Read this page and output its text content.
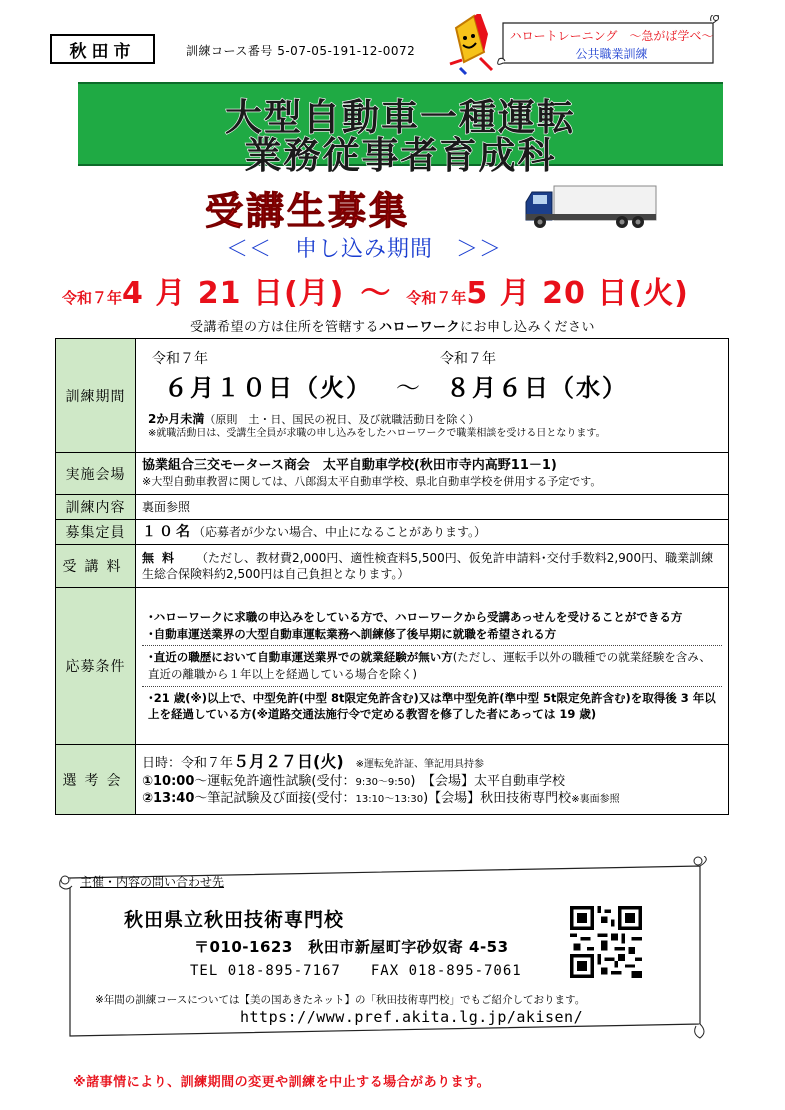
秋田市	訓練コース番号 5-07-05-191-12-0072
ハロートレーニング　～急がば学べ～
公共職業訓練
大型自動車一種運転
業務従事者育成科
受講生募集
＜＜　申し込み期間　＞＞
令和７年4 月 21 日(月) ～ 令和７年5 月 20 日(火)
受講希望の方は住所を管轄するハローワークにお申し込みください
訓練期間	令和７年 令和７年
６月１０日（火） ～ ８月６日（水）
2か月未満（原則　土・日、国民の祝日、及び就職活動日を除く）
※就職活動日は、受講生全員が求職の申し込みをしたハローワークで職業相談を受ける日となります。

実施会場	協業組合三交モータース商会　太平自動車学校(秋田市寺内高野11－1)
※大型自動車教習に関しては、八郎潟太平自動車学校、県北自動車学校を併用する予定です。

訓練内容	裏面参照
募集定員	１０名（応募者が少ない場合、中止になることがあります。）
受講料	無料 （ただし、教材費2,000円、適性検査料5,500円、仮免許申請料･交付手数料2,900円、職業訓練生総合保険料約2,500円は自己負担となります。）

応募条件	･ハローワークに求職の申込みをしている方で、ハローワークから受講あっせんを受けることができる方
･自動車運送業界の大型自動車運転業務へ訓練修了後早期に就職を希望される方
･直近の職歴において自動車運送業界での就業経験が無い方(ただし、運転手以外の職種での就業経験を含み、直近の離職から１年以上を経過している場合を除く)
･21 歳(※)以上で、中型免許(中型 8t限定免許含む)又は準中型免許(準中型 5t限定免許含む)を取得後 3 年以上を経過している方(※道路交通法施行令で定める教習を修了した者にあっては 19 歳)

選考会	日時：令和７年５月２７日(火) ※運転免許証、筆記用具持参
①10:00～運転免許適性試験(受付：9:30～9:50)　【会場】太平自動車学校
②13:40～筆記試験及び面接(受付：13:10～13:30)【会場】秋田技術専門校※裏面参照
主催・内容の問い合わせ先
秋田県立秋田技術専門校
〒010-1623　秋田市新屋町字砂奴寄 4-53
TEL 018-895-7167　　FAX 018-895-7061
※年間の訓練コースについては【美の国あきたネット】の「秋田技術専門校」でもご紹介しております。
https://www.pref.akita.lg.jp/akisen/
※諸事情により、訓練期間の変更や訓練を中止する場合があります。
